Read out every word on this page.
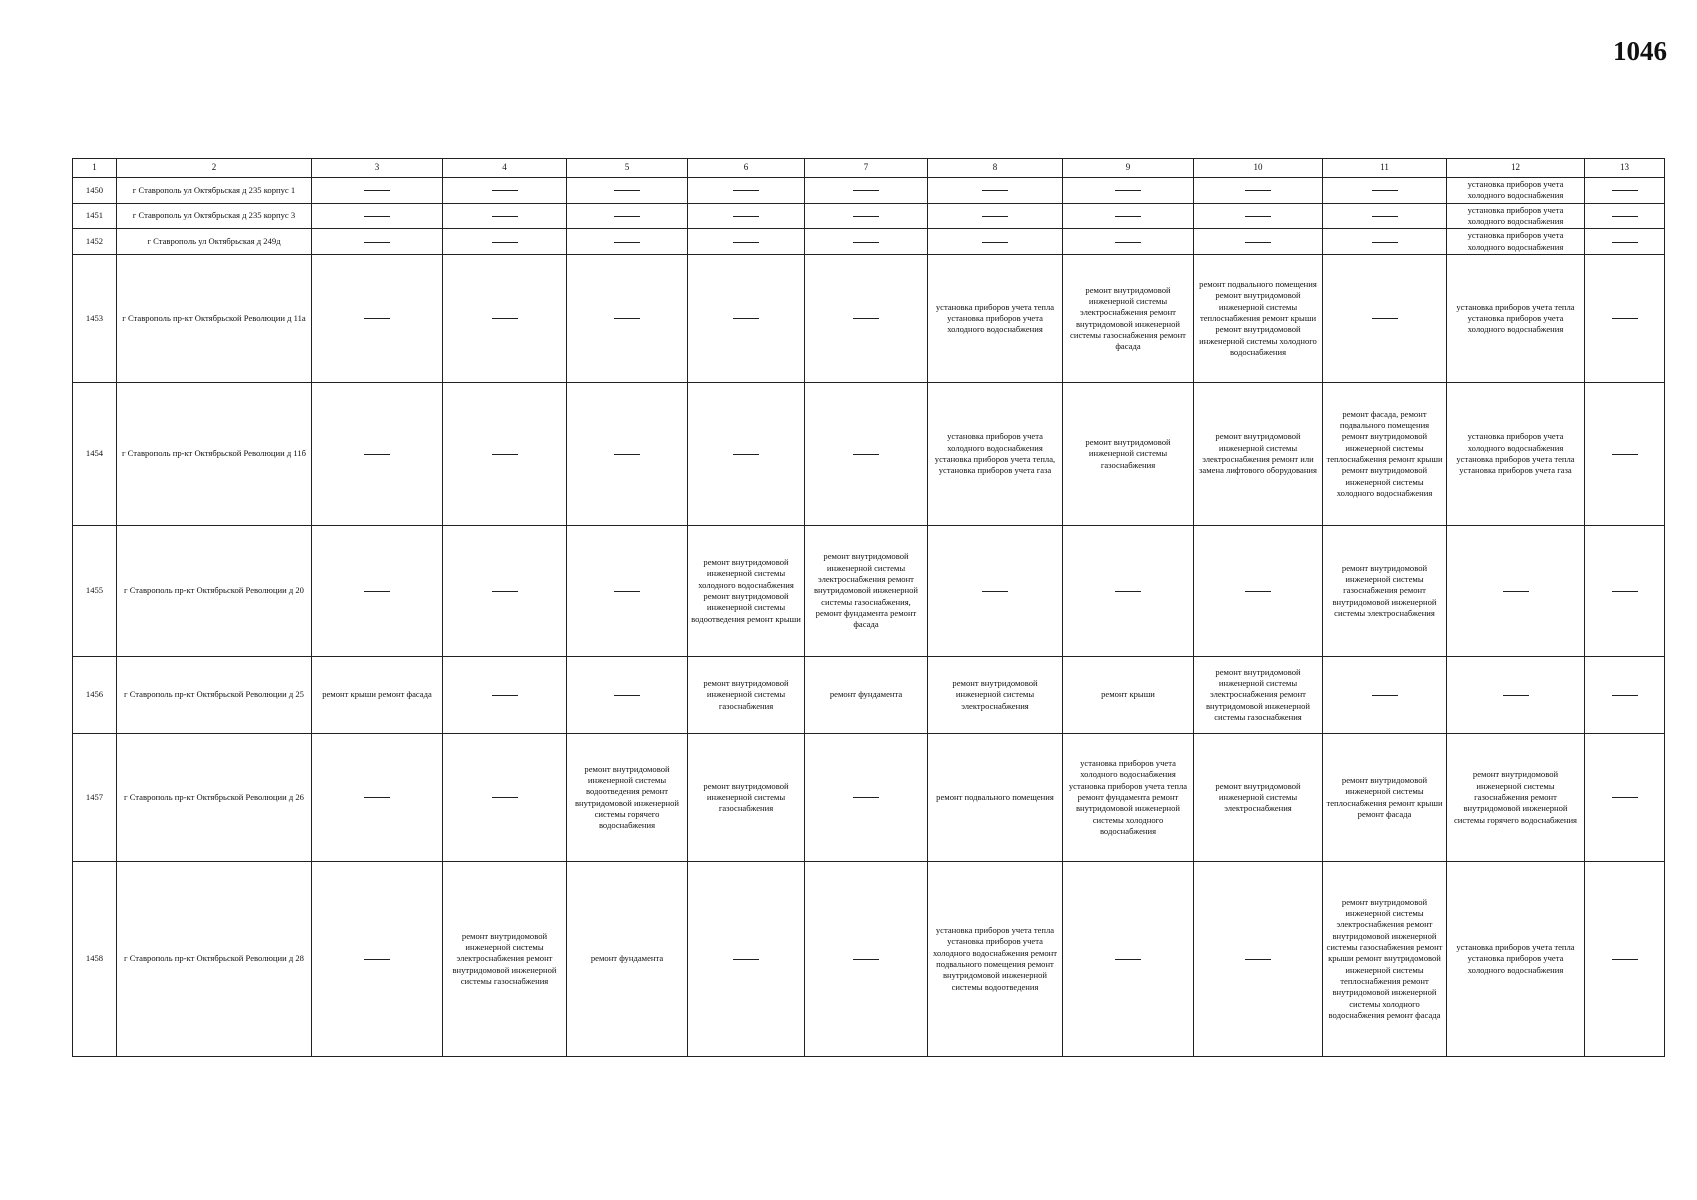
1046
1	2	3	4	5	6	7	8	9	10	11	12	13
1450	г Ставрополь ул Октябрьская д 235 корпус 1										установка приборов учета холодного водоснабжения	
1451	г Ставрополь ул Октябрьская д 235 корпус 3										установка приборов учета холодного водоснабжения	
1452	г Ставрополь ул Октябрьская д 249д										установка приборов учета холодного водоснабжения	
1453	г Ставрополь пр-кт Октябрьской Революции д 11а						установка приборов учета тепла установка приборов учета холодного водоснабжения	ремонт внутридомовой инженерной системы электроснабжения ремонт внутридомовой инженерной системы газоснабжения ремонт фасада	ремонт подвального помещения ремонт внутридомовой инженерной системы теплоснабжения ремонт крыши ремонт внутридомовой инженерной системы холодного водоснабжения		установка приборов учета тепла установка приборов учета холодного водоснабжения	
1454	г Ставрополь пр-кт Октябрьской Революции д 11б						установка приборов учета холодного водоснабжения установка приборов учета тепла, установка приборов учета газа	ремонт внутридомовой инженерной системы газоснабжения	ремонт внутридомовой инженерной системы электроснабжения ремонт или замена лифтового оборудования	ремонт фасада, ремонт подвального помещения ремонт внутридомовой инженерной системы теплоснабжения ремонт крыши ремонт внутридомовой инженерной системы холодного водоснабжения	установка приборов учета холодного водоснабжения установка приборов учета тепла установка приборов учета газа	
1455	г Ставрополь пр-кт Октябрьской Революции д 20				ремонт внутридомовой инженерной системы холодного водоснабжения ремонт внутридомовой инженерной системы водоотведения ремонт крыши	ремонт внутридомовой инженерной системы электроснабжения ремонт внутридомовой инженерной системы газоснабжения, ремонт фундамента ремонт фасада				ремонт внутридомовой инженерной системы газоснабжения ремонт внутридомовой инженерной системы электроснабжения		
1456	г Ставрополь пр-кт Октябрьской Революции д 25	ремонт крыши ремонт фасада			ремонт внутридомовой инженерной системы газоснабжения	ремонт фундамента	ремонт внутридомовой инженерной системы электроснабжения	ремонт крыши	ремонт внутридомовой инженерной системы электроснабжения ремонт внутридомовой инженерной системы газоснабжения			
1457	г Ставрополь пр-кт Октябрьской Революции д 26			ремонт внутридомовой инженерной системы водоотведения ремонт внутридомовой инженерной системы горячего водоснабжения	ремонт внутридомовой инженерной системы газоснабжения		ремонт подвального помещения	установка приборов учета холодного водоснабжения установка приборов учета тепла ремонт фундамента ремонт внутридомовой инженерной системы холодного водоснабжения	ремонт внутридомовой инженерной системы электроснабжения	ремонт внутридомовой инженерной системы теплоснабжения ремонт крыши ремонт фасада	ремонт внутридомовой инженерной системы газоснабжения ремонт внутридомовой инженерной системы горячего водоснабжения	
1458	г Ставрополь пр-кт Октябрьской Революции д 28		ремонт внутридомовой инженерной системы электроснабжения ремонт внутридомовой инженерной системы газоснабжения	ремонт фундамента			установка приборов учета тепла установка приборов учета холодного водоснабжения ремонт подвального помещения ремонт внутридомовой инженерной системы водоотведения			ремонт внутридомовой инженерной системы электроснабжения ремонт внутридомовой инженерной системы газоснабжения ремонт крыши ремонт внутридомовой инженерной системы теплоснабжения ремонт внутридомовой инженерной системы холодного водоснабжения ремонт фасада	установка приборов учета тепла установка приборов учета холодного водоснабжения	
